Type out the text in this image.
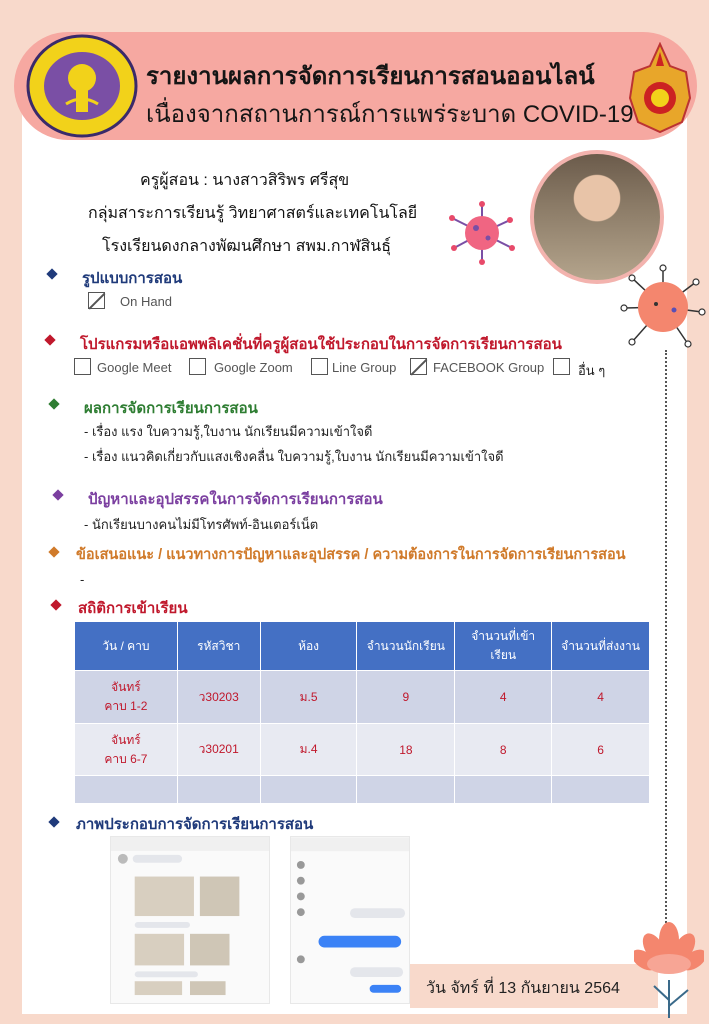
รายงานผลการจัดการเรียนการสอนออนไลน์
เนื่องจากสถานการณ์การแพร่ระบาด COVID-19
ครูผู้สอน : นางสาวสิริพร ศรีสุข
กลุ่มสาระการเรียนรู้ วิทยาศาสตร์และเทคโนโลยี
โรงเรียนดงกลางพัฒนศึกษา สพม.กาฬสินธุ์
รูปแบบการสอน
On Hand
โปรแกรมหรือแอพพลิเคชั่นที่ครูผู้สอนใช้ประกอบในการจัดการเรียนการสอน
Google Meet	Google Zoom	Line Group	FACEBOOK Group	อื่น ๆ
ผลการจัดการเรียนการสอน
- เรื่อง แรง ใบความรู้,ใบงาน นักเรียนมีความเข้าใจดี
- เรื่อง แนวคิดเกี่ยวกับแสงเชิงคลื่น ใบความรู้,ใบงาน นักเรียนมีความเข้าใจดี
ปัญหาและอุปสรรคในการจัดการเรียนการสอน
- นักเรียนบางคนไม่มีโทรศัพท์-อินเตอร์เน็ต
ข้อเสนอแนะ / แนวทางการปัญหาและอุปสรรค / ความต้องการในการจัดการเรียนการสอน
-
สถิติการเข้าเรียน
วัน / คาบ	รหัสวิชา	ห้อง	จำนวนนักเรียน	จำนวนที่เข้าเรียน	จำนวนที่ส่งงาน

จันทร์
คาบ 1-2	ว30203	ม.5	9	4	4

จันทร์
คาบ 6-7	ว30201	ม.4	18	8	6

ภาพประกอบการจัดการเรียนการสอน
วัน จัทร์ ที่ 13 กันยายน 2564
